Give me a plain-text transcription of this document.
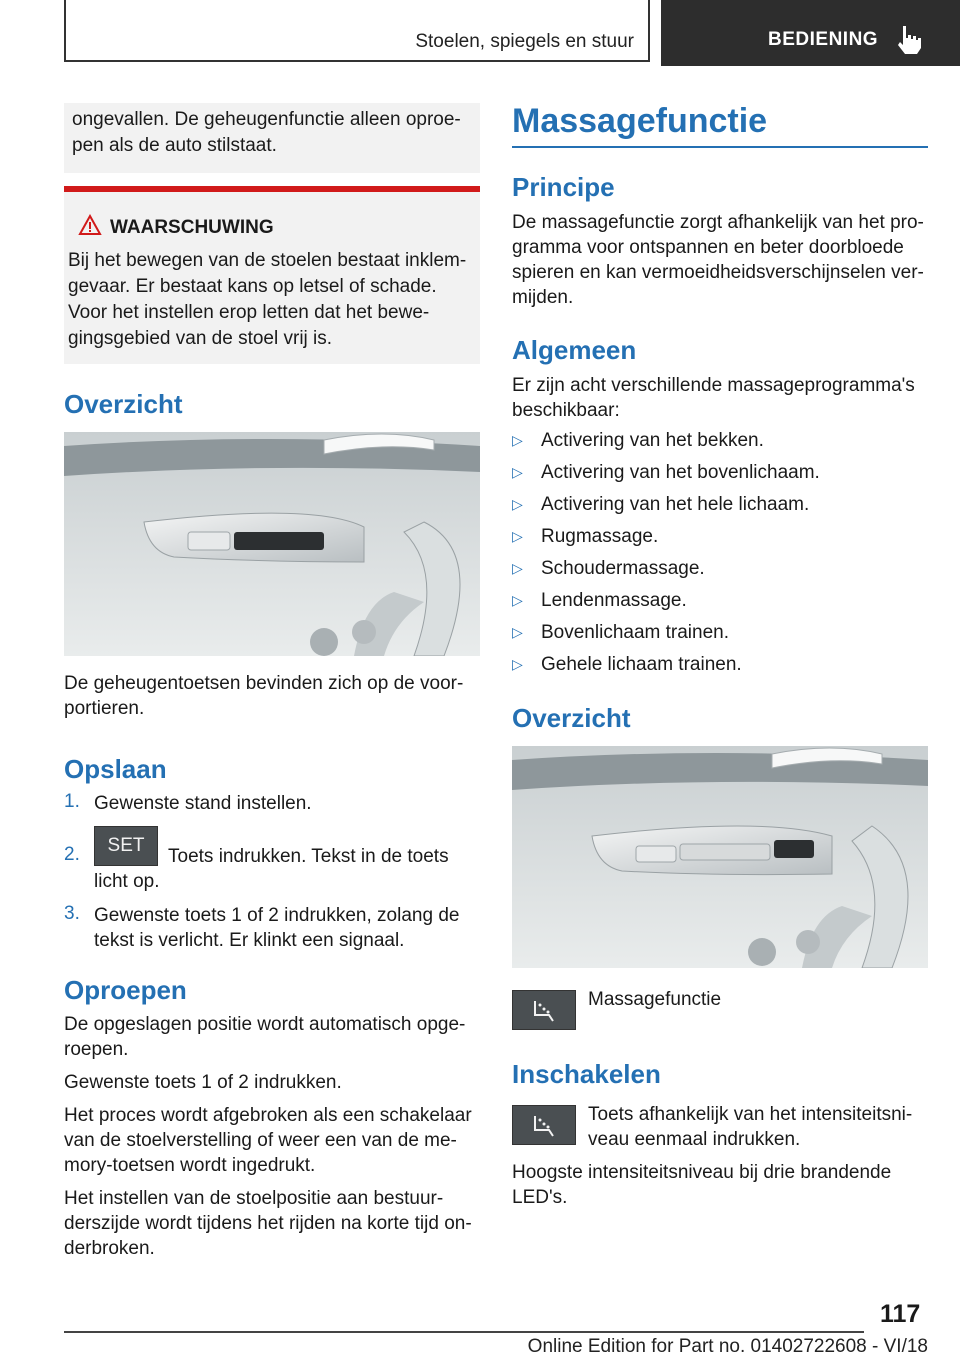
Stoelen, spiegels en stuur	BEDIENING

ongevallen. De geheugenfunctie alleen oproe-

pen als de auto stilstaat.

WAARSCHUWING

Bij het bewegen van de stoelen bestaat inklem-

gevaar. Er bestaat kans op letsel of schade.

Voor het instellen erop letten dat het bewe-

gingsgebied van de stoel vrij is.

Overzicht

De geheugentoetsen bevinden zich op de voor-

portieren.

Opslaan
1. Gewenste stand instellen.

2.	SET

Toets indrukken. Tekst in de toets

licht op.

3. Gewenste toets 1 of 2 indrukken, zolang de

tekst is verlicht. Er klinkt een signaal.

Oproepen

De opgeslagen positie wordt automatisch opge-

roepen.

Gewenste toets 1 of 2 indrukken.

Het proces wordt afgebroken als een schakelaar

van de stoelverstelling of weer een van de me-

mory-toetsen wordt ingedrukt.

Het instellen van de stoelpositie aan bestuur-

derszijde wordt tijdens het rijden na korte tijd on-

derbroken.

Massagefunctie
Principe

De massagefunctie zorgt afhankelijk van het pro-

gramma voor ontspannen en beter doorbloede

spieren en kan vermoeidheidsverschijnselen ver-

mijden.

Algemeen

Er zijn acht verschillende massageprogramma's

beschikbaar:

▷ Activering van het bekken.

▷ Activering van het bovenlichaam.

▷ Activering van het hele lichaam.

▷ Rugmassage.

▷ Schoudermassage.

▷ Lendenmassage.

▷ Bovenlichaam trainen.

▷ Gehele lichaam trainen.

Overzicht

Massagefunctie

Inschakelen

Toets afhankelijk van het intensiteitsni-

veau eenmaal indrukken.

Hoogste intensiteitsniveau bij drie brandende

LED's.

117
Online Edition for Part no. 01402722608 - VI/18
